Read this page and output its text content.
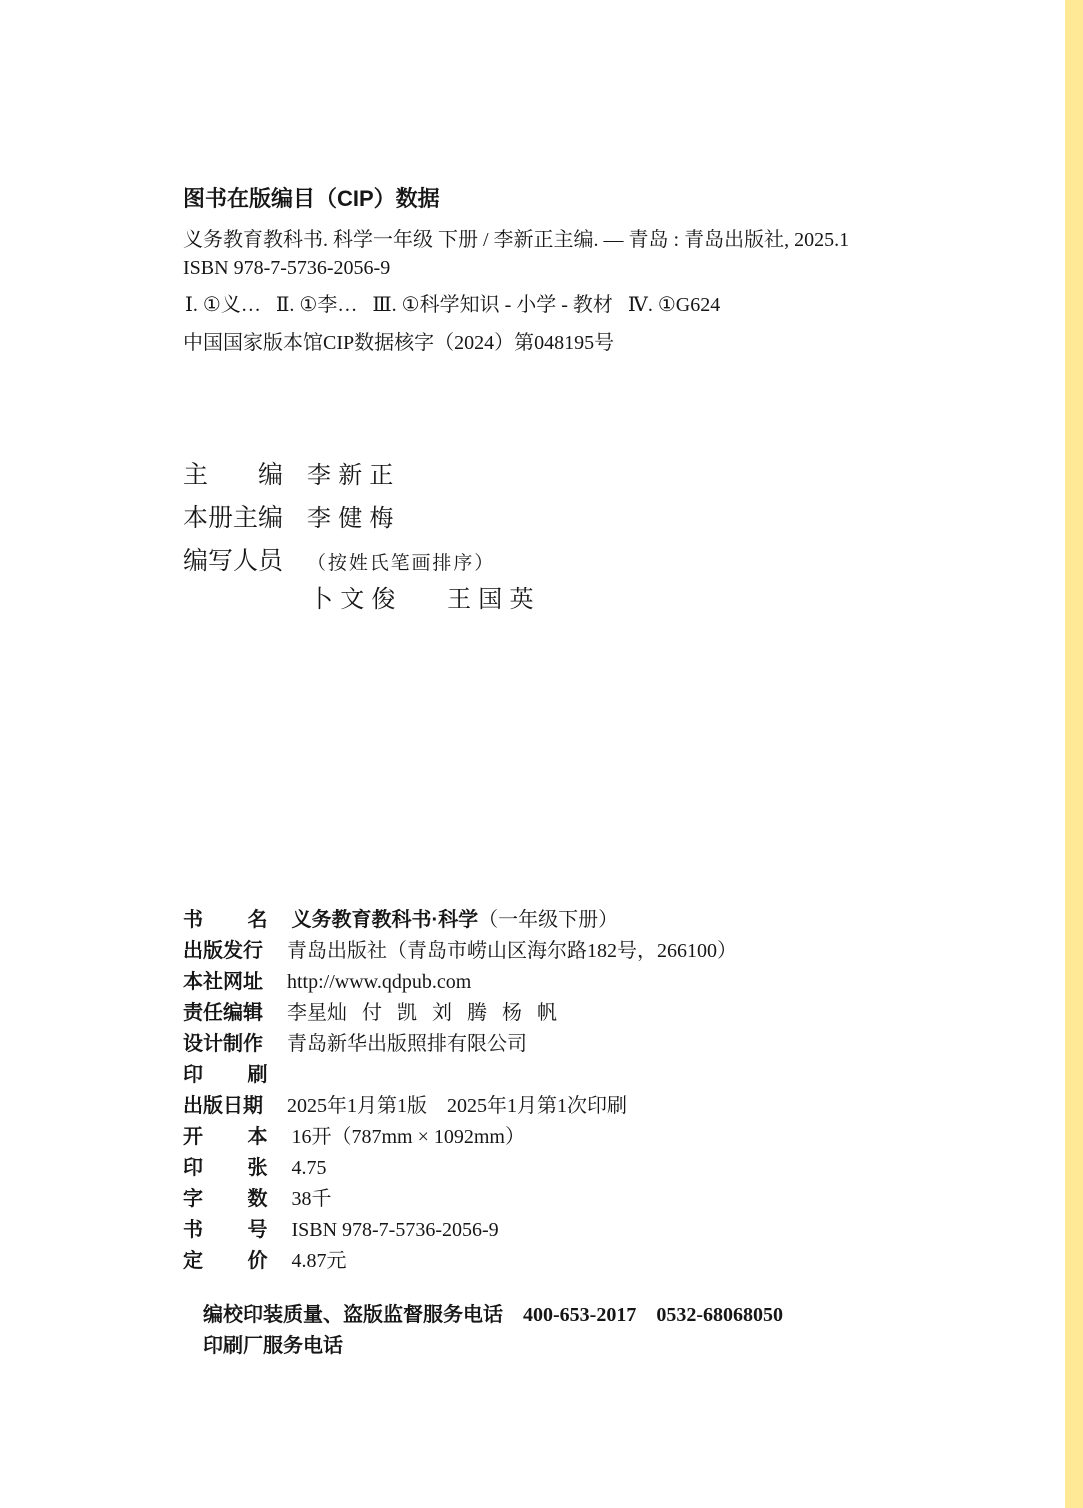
图书在版编目（CIP）数据
义务教育教科书. 科学一年级 下册 / 李新正主编. — 青岛 : 青岛出版社, 2025.1
ISBN 978-7-5736-2056-9
Ⅰ. ①义…   Ⅱ. ①李…   Ⅲ. ①科学知识 - 小学 - 教材   Ⅳ. ①G624
中国国家版本馆CIP数据核字（2024）第048195号
主        编 李新正
本册主编 李健梅
编写人员 （按姓氏笔画排序）
卜文俊   王国英
书        名 义务教育教科书·科学（一年级下册）
出版发行 青岛出版社（青岛市崂山区海尔路182号，266100）
本社网址 http://www.qdpub.com
责任编辑 李星灿   付   凯   刘   腾   杨   帆
设计制作 青岛新华出版照排有限公司
印        刷
出版日期 2025年1月第1版    2025年1月第1次印刷
开        本 16开（787mm × 1092mm）
印        张 4.75
字        数 38千
书        号 ISBN 978-7-5736-2056-9
定        价 4.87元

编校印装质量、盗版监督服务电话 400-653-2017    0532-68068050

印刷厂服务电话
